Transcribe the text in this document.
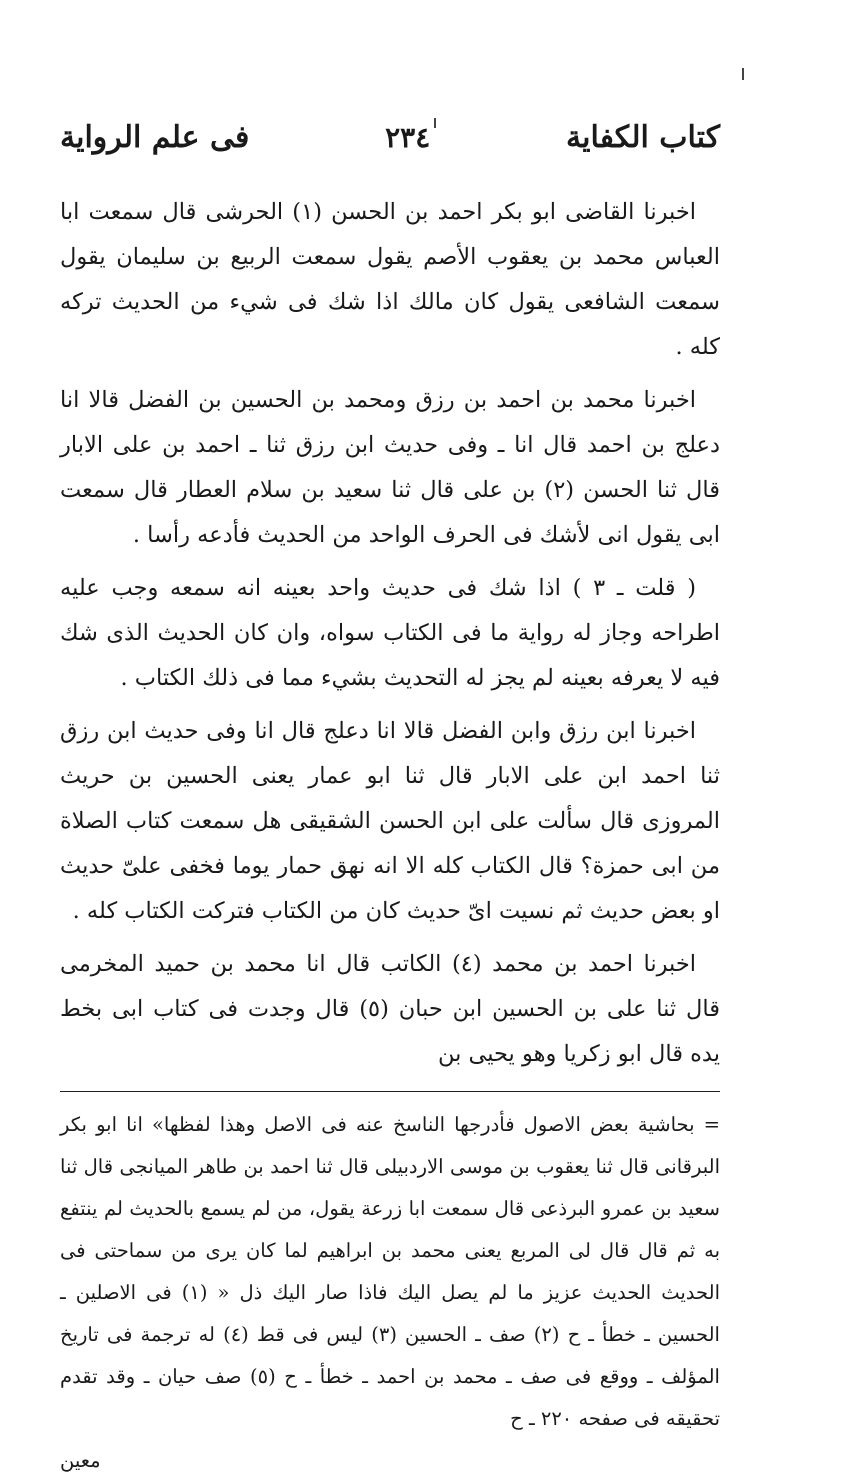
كتاب الكفاية
٢٣٤
فى علم الرواية

اخبرنا القاضى ابو بكر احمد بن الحسن (١) الحرشى قال سمعت ابا العباس محمد بن يعقوب الأصم يقول سمعت الربيع بن سليمان يقول سمعت الشافعى يقول كان مالك اذا شك فى شيء من الحديث تركه كله .

اخبرنا محمد بن احمد بن رزق ومحمد بن الحسين بن الفضل قالا انا دعلج بن احمد قال انا ـ وفى حديث ابن رزق ثنا ـ احمد بن على الابار قال ثنا الحسن (٢) بن على قال ثنا سعيد بن سلام العطار قال سمعت ابى يقول انى لأشك فى الحرف الواحد من الحديث فأدعه رأسا .

( قلت ـ ٣ ) اذا شك فى حديث واحد بعينه انه سمعه وجب عليه اطراحه وجاز له رواية ما فى الكتاب سواه، وان كان الحديث الذى شك فيه لا يعرفه بعينه لم يجز له التحديث بشيء مما فى ذلك الكتاب .

اخبرنا ابن رزق وابن الفضل قالا انا دعلج قال انا وفى حديث ابن رزق ثنا احمد ابن على الابار قال ثنا ابو عمار يعنى الحسين بن حريث المروزى قال سألت على ابن الحسن الشقيقى هل سمعت كتاب الصلاة من ابى حمزة؟ قال الكتاب كله الا انه نهق حمار يوما فخفى علىّ حديث او بعض حديث ثم نسيت اىّ حديث كان من الكتاب فتركت الكتاب كله .

اخبرنا احمد بن محمد (٤) الكاتب قال انا محمد بن حميد المخرمى قال ثنا على بن الحسين ابن حبان (٥) قال وجدت فى كتاب ابى بخط يده قال ابو زكريا وهو يحيى بن

= بحاشية بعض الاصول فأدرجها الناسخ عنه فى الاصل وهذا لفظها» انا ابو بكر البرقانى قال ثنا يعقوب بن موسى الاردبيلى قال ثنا احمد بن طاهر الميانجى قال ثنا سعيد بن عمرو البرذعى قال سمعت ابا زرعة يقول، من لم يسمع بالحديث لم ينتفع به ثم قال قال لى المربع يعنى محمد بن ابراهيم لما كان يرى من سماحتى فى الحديث الحديث عزيز ما لم يصل اليك فاذا صار اليك ذل « (١) فى الاصلين ـ الحسين ـ خطأ ـ ح (٢) صف ـ الحسين (٣) ليس فى قط (٤) له ترجمة فى تاريخ المؤلف ـ ووقع فى صف ـ محمد بن احمد ـ خطأ ـ ح (٥) صف حيان ـ وقد تقدم تحقيقه فى صفحه ٢٢٠ ـ ح

معين
